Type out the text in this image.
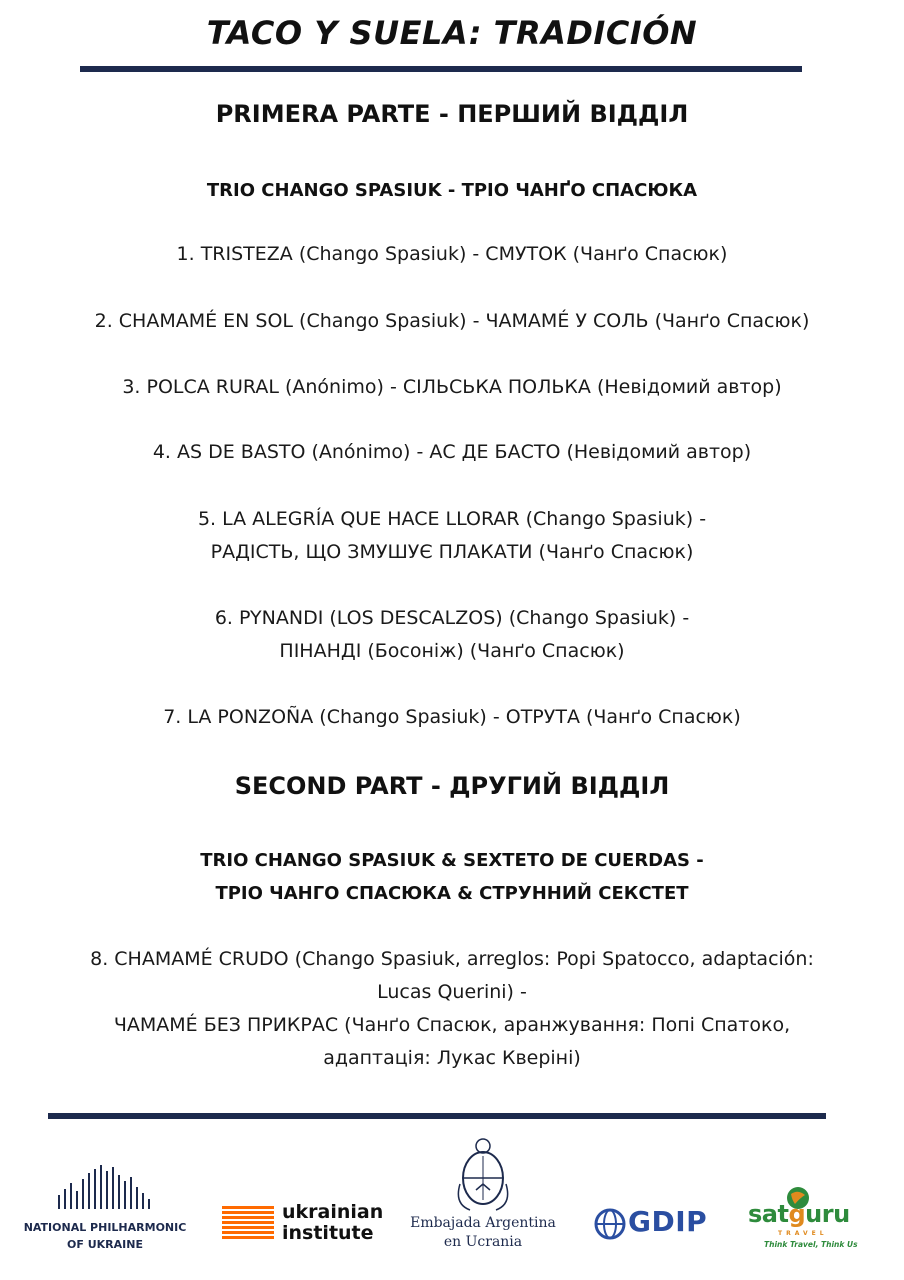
TACO Y SUELA: TRADICIÓN
PRIMERA PARTE - ПЕРШИЙ ВІДДІЛ
TRIO CHANGO SPASIUK - ТРІО ЧАНҐО СПАСЮКА
1. TRISTEZA (Chango Spasiuk) - СМУТОК (Чанґо Спасюк)
2. CHAMAMÉ EN SOL (Chango Spasiuk) - ЧАМАМÉ У СОЛЬ (Чанґо Спасюк)
3. POLCA RURAL (Anónimo) - СІЛЬСЬКА ПОЛЬКА (Невідомий автор)
4. AS DE BASTO (Anónimo) - АС ДЕ БАСТО (Невідомий автор)
5. LA ALEGRÍA QUE HACE LLORAR (Chango Spasiuk) -
РАДІСТЬ, ЩО ЗМУШУЄ ПЛАКАТИ (Чанґо Спасюк)
6. PYNANDI (LOS DESCALZOS) (Chango Spasiuk) -
ПІНАНДІ (Босоніж) (Чанґо Спасюк)
7. LA PONZOÑA (Chango Spasiuk) - ОТРУТА (Чанґо Спасюк)
SECOND PART - ДРУГИЙ ВІДДІЛ
TRIO CHANGO SPASIUK & SEXTETO DE CUERDAS -
ТРІО ЧАНГО СПАСЮКА & СТРУННИЙ СЕКСТЕТ
8. CHAMAMÉ CRUDO (Chango Spasiuk, arreglos: Popi Spatocco, adaptación:
Lucas Querini) -
ЧАМАМÉ БЕЗ ПРИКРАС (Чанґо Спасюк, аранжування: Попі Спатоко,
адаптація: Лукас Кверіні)
NATIONAL PHILHARMONIC
OF UKRAINE
ukrainian
institute	Embajada Argentina
en Ucrania
GDIP satguru
TRAVEL
Think Travel, Think Us
